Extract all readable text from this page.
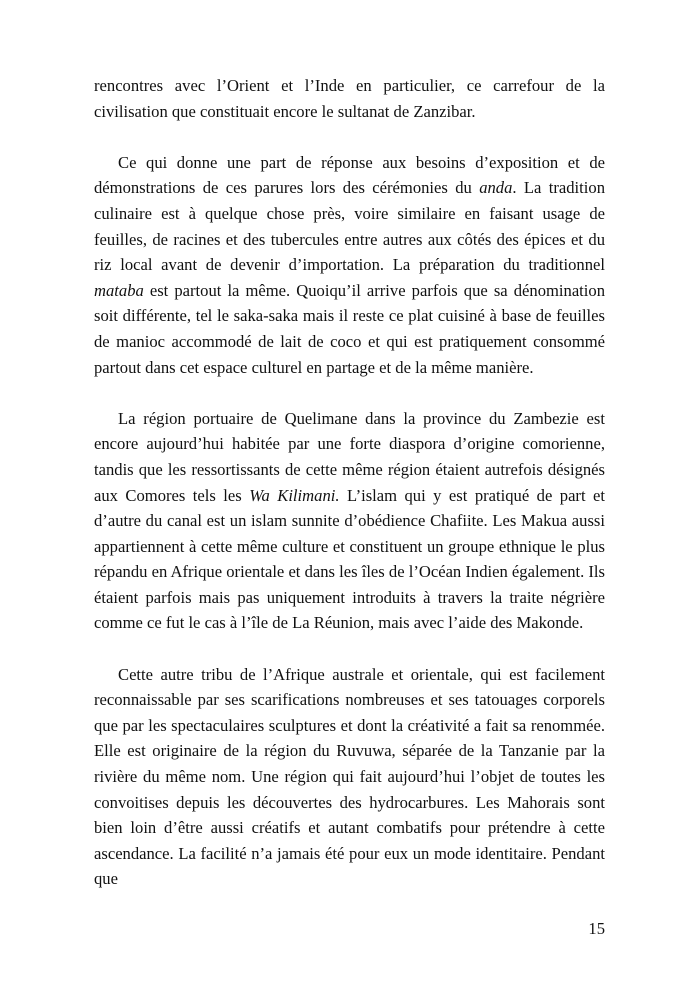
rencontres avec l’Orient et l’Inde en particulier, ce carrefour de la civilisation que constituait encore le sultanat de Zanzibar.

Ce qui donne une part de réponse aux besoins d’exposition et de démonstrations de ces parures lors des cérémonies du anda. La tradition culinaire est à quelque chose près, voire similaire en faisant usage de feuilles, de racines et des tubercules entre autres aux côtés des épices et du riz local avant de devenir d’importation. La préparation du traditionnel mataba est partout la même. Quoiqu’il arrive parfois que sa dénomination soit différente, tel le saka-saka mais il reste ce plat cuisiné à base de feuilles de manioc accommodé de lait de coco et qui est pratiquement consommé partout dans cet espace culturel en partage et de la même manière.

La région portuaire de Quelimane dans la province du Zambezie est encore aujourd’hui habitée par une forte diaspora d’origine comorienne, tandis que les ressortissants de cette même région étaient autrefois désignés aux Comores tels les Wa Kilimani. L’islam qui y est pratiqué de part et d’autre du canal est un islam sunnite d’obédience Chafiite. Les Makua aussi appartiennent à cette même culture et constituent un groupe ethnique le plus répandu en Afrique orientale et dans les îles de l’Océan Indien également. Ils étaient parfois mais pas uniquement introduits à travers la traite négrière comme ce fut le cas à l’île de La Réunion, mais avec l’aide des Makonde.

Cette autre tribu de l’Afrique australe et orientale, qui est facilement reconnaissable par ses scarifications nombreuses et ses tatouages corporels que par les spectaculaires sculptures et dont la créativité a fait sa renommée. Elle est originaire de la région du Ruvuwa, séparée de la Tanzanie par la rivière du même nom. Une région qui fait aujourd’hui l’objet de toutes les convoitises depuis les découvertes des hydrocarbures. Les Mahorais sont bien loin d’être aussi créatifs et autant combatifs pour prétendre à cette ascendance. La facilité n’a jamais été pour eux un mode identitaire. Pendant que

15
